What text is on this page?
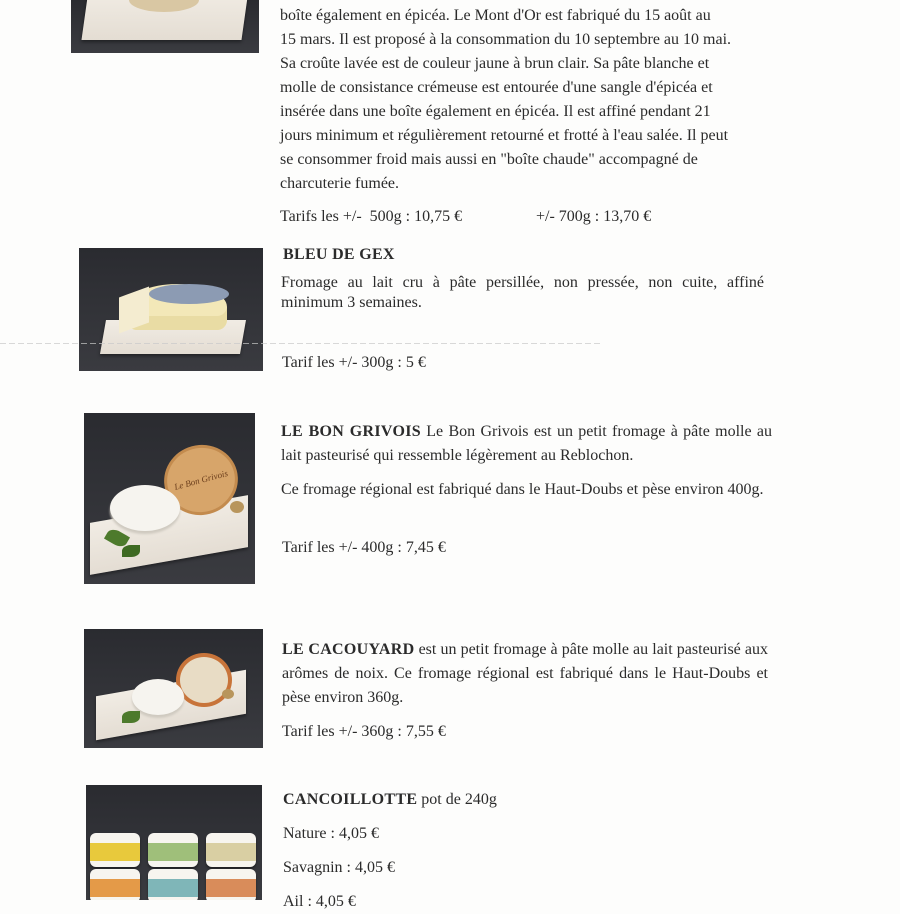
boîte également en épicéa. Le Mont d'Or est fabriqué du 15 août au

15 mars. Il est proposé à la consommation du 10 septembre au 10 mai.

Sa croûte lavée est de couleur jaune à brun clair. Sa pâte blanche et

molle de consistance crémeuse est entourée d'une sangle d'épicéa et

insérée dans une boîte également en épicéa. Il est affiné pendant 21

jours minimum et régulièrement retourné et frotté à l'eau salée. Il peut

se consommer froid mais aussi en "boîte chaude" accompagné de

charcuterie fumée.

Tarifs les +/-  500g : 10,75 €	+/- 700g : 13,70 €
BLEU DE GEX
Fromage au lait cru à pâte persillée, non pressée, non cuite, affiné minimum 3 semaines.
Tarif les +/- 300g : 5 €
Le Bon Grivois
LE BON GRIVOIS Le Bon Grivois est un petit fromage à pâte molle au lait pasteurisé qui ressemble légèrement au Reblochon.
Ce fromage régional est fabriqué dans le Haut-Doubs et pèse environ 400g.
Tarif les +/- 400g : 7,45 €
LE CACOUYARD est un petit fromage à pâte molle au lait pasteurisé aux arômes de noix. Ce fromage régional est fabriqué dans le Haut-Doubs et pèse environ 360g.
Tarif les +/- 360g : 7,55 €
CANCOILLOTTE pot de 240g
Nature : 4,05 €
Savagnin : 4,05 €
Ail : 4,05 €
